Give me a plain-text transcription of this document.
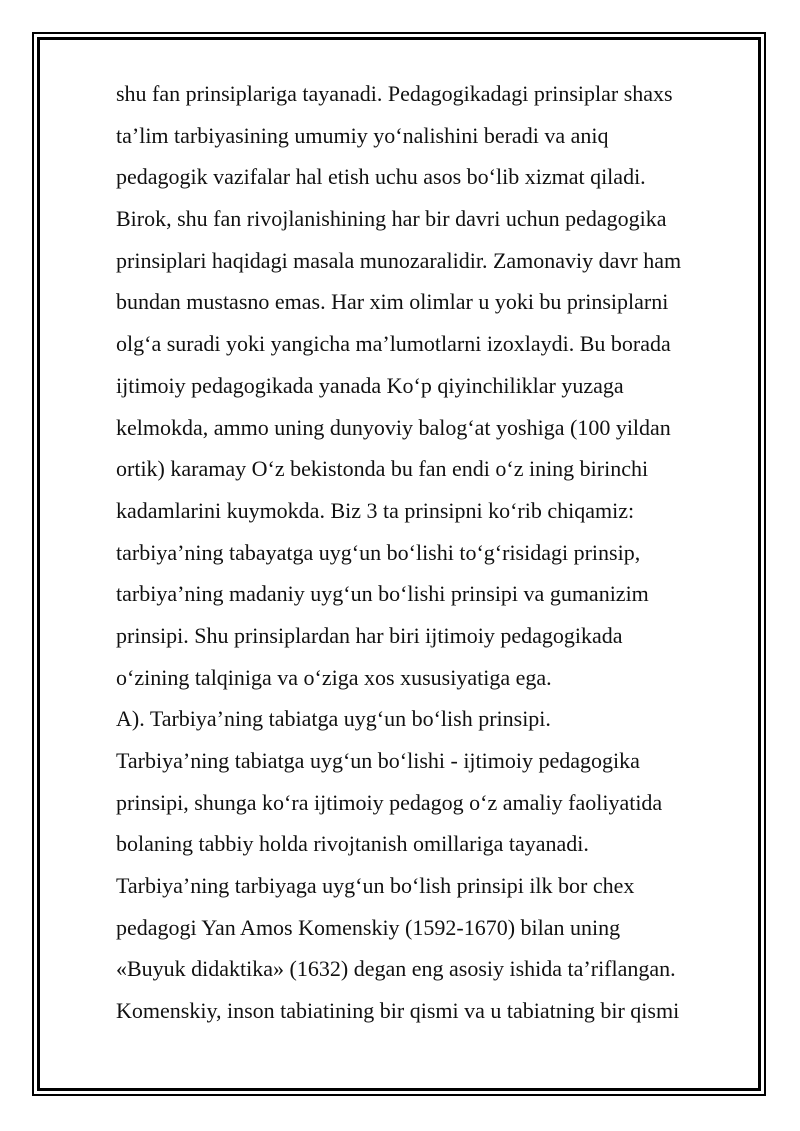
shu fan prinsiplariga tayanadi. Pedagogikadagi prinsiplar shaxs
ta’lim tarbiyasining umumiy yo‘nalishini beradi va aniq
pedagogik vazifalar hal etish uchu asos bo‘lib xizmat qiladi.
Birok, shu fan rivojlanishining har bir davri uchun pedagogika
prinsiplari haqidagi masala munozaralidir. Zamonaviy davr ham
bundan mustasno emas. Har xim olimlar u yoki bu prinsiplarni
olg‘a suradi yoki yangicha ma’lumotlarni izoxlaydi. Bu borada
ijtimoiy pedagogikada yanada Ko‘p qiyinchiliklar yuzaga
kelmokda, ammo uning dunyoviy balog‘at yoshiga (100 yildan
ortik) karamay O‘z bekistonda bu fan endi o‘z ining birinchi
kadamlarini kuymokda. Biz 3 ta prinsipni ko‘rib chiqamiz:
tarbiya’ning tabayatga uyg‘un bo‘lishi to‘g‘risidagi prinsip,
tarbiya’ning madaniy uyg‘un bo‘lishi prinsipi va gumanizim
prinsipi. Shu prinsiplardan har biri ijtimoiy pedagogikada
o‘zining talqiniga va o‘ziga xos xususiyatiga ega.
A). Tarbiya’ning tabiatga uyg‘un bo‘lish prinsipi.
Tarbiya’ning tabiatga uyg‘un bo‘lishi - ijtimoiy pedagogika
prinsipi, shunga ko‘ra ijtimoiy pedagog o‘z amaliy faoliyatida
bolaning tabbiy holda rivojtanish omillariga tayanadi.
Tarbiya’ning tarbiyaga uyg‘un bo‘lish prinsipi ilk bor chex
pedagogi Yan Amos Komenskiy (1592-1670) bilan uning
«Buyuk didaktika» (1632) degan eng asosiy ishida ta’riflangan.
Komenskiy, inson tabiatining bir qismi va u tabiatning bir qismi
